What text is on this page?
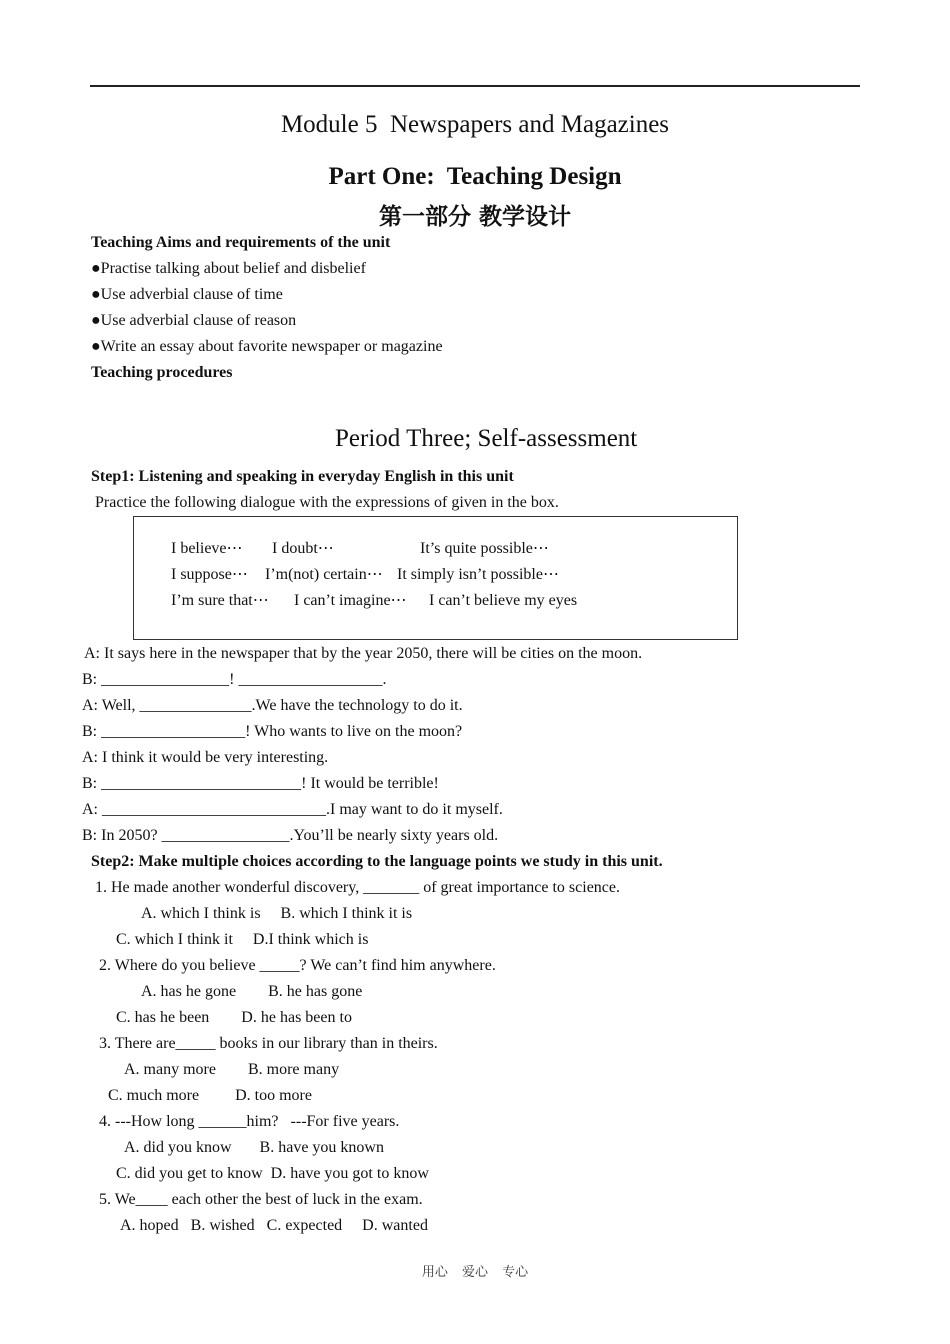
Module 5  Newspapers and Magazines
Part One:  Teaching Design
第一部分 教学设计
Teaching Aims and requirements of the unit
●Practise talking about belief and disbelief
●Use adverbial clause of time
●Use adverbial clause of reason
●Write an essay about favorite newspaper or magazine
Teaching procedures
Period Three; Self-assessment
Step1: Listening and speaking in everyday English in this unit
Practice the following dialogue with the expressions of given in the box.
I believe⋯ I doubt⋯	It’s quite possible⋯
I suppose⋯ I’m(not) certain⋯ It simply isn’t possible⋯
I’m sure that⋯ I can’t imagine⋯ I can’t believe my eyes
A: It says here in the newspaper that by the year 2050, there will be cities on the moon.
B: ________________! __________________.
A: Well, ______________.We have the technology to do it.
B: __________________! Who wants to live on the moon?
A: I think it would be very interesting.
B: _________________________! It would be terrible!
A: ____________________________.I may want to do it myself.
B: In 2050? ________________.You’ll be nearly sixty years old.
Step2: Make multiple choices according to the language points we study in this unit.
1. He made another wonderful discovery, _______ of great importance to science.
A. which I think is     B. which I think it is
C. which I think it     D.I think which is
2. Where do you believe _____? We can’t find him anywhere.
A. has he gone        B. he has gone
C. has he been        D. he has been to
3. There are_____ books in our library than in theirs.
A. many more        B. more many
C. much more         D. too more
4. ---How long ______him?   ---For five years.
A. did you know       B. have you known
C. did you get to know  D. have you got to know
5. We____ each other the best of luck in the exam.
A. hoped   B. wished   C. expected     D. wanted
用心 爱心 专心
